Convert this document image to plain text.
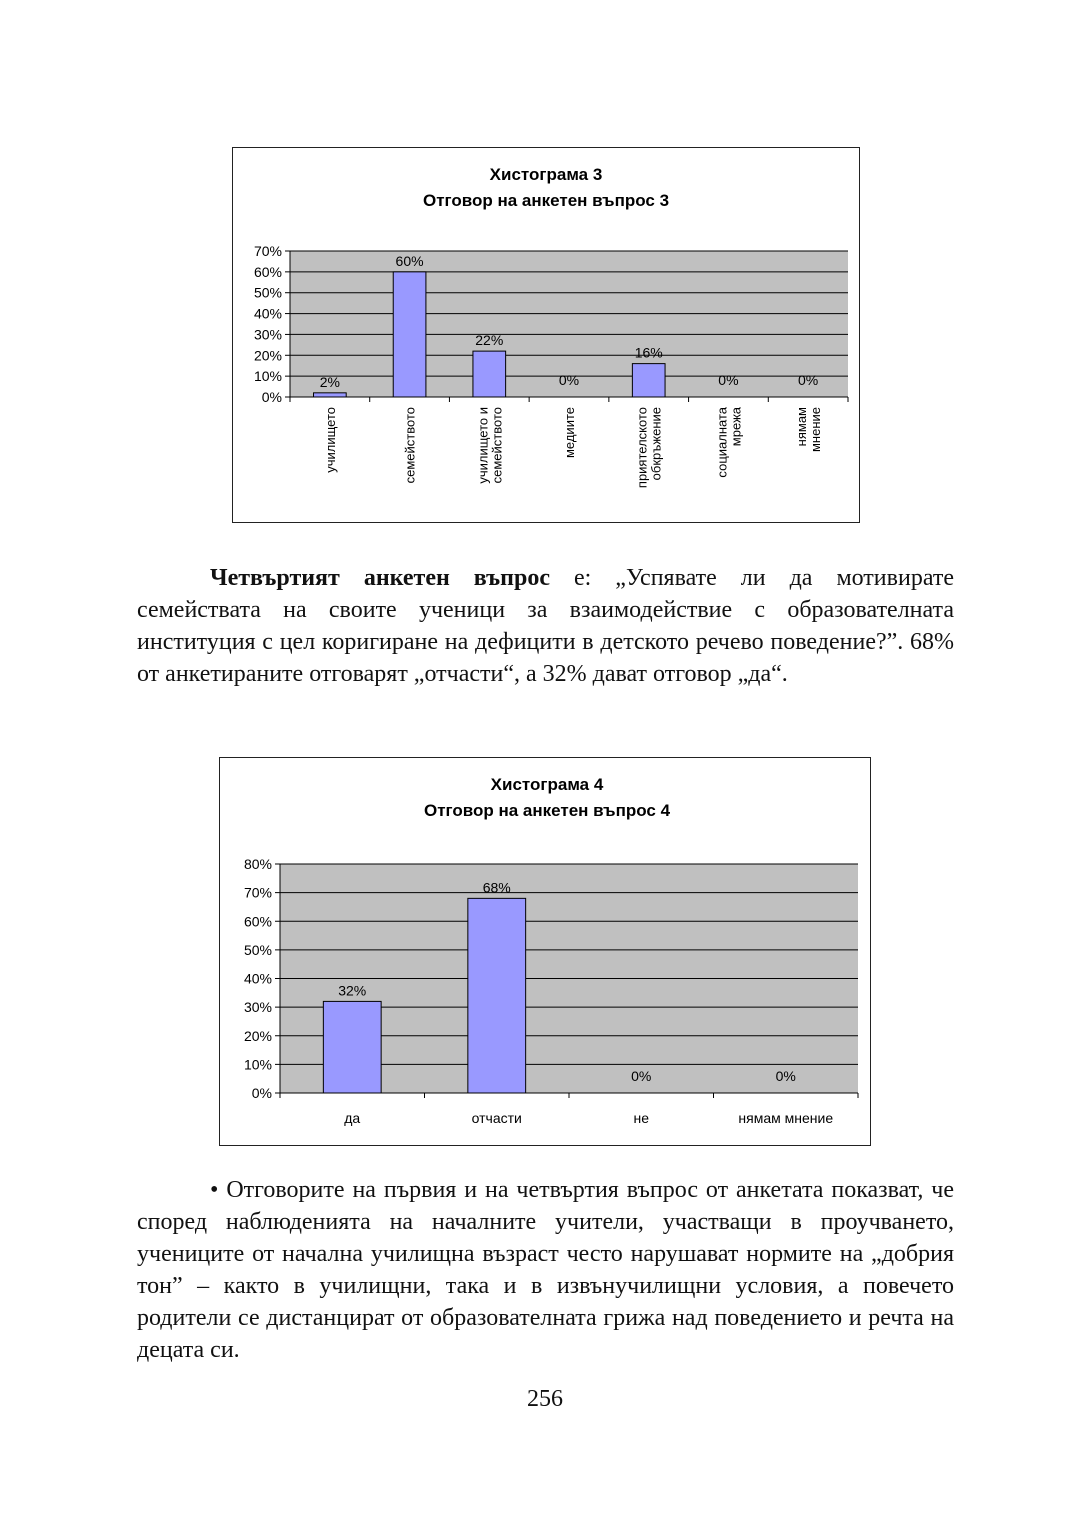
Хистограма 3
Отговор на анкетен въпрос 3
0%
10%
20%
30%
40%
50%
60%
70%
2%
училището
60%
семейството
22%
училището исемейството
0%
медиите
16%
приятелскотообкръжение
0%
социалнатамрежа
0%
нямаммнение

Четвъртият анкетен въпрос е: „Успявате ли да мотивирате семействата на своите ученици за взаимодействие с образователната институция с цел коригиране на дефицити в детското речево поведение?”. 68% от анкетираните отговарят „отчасти“, а 32% дават отговор „да“.

Хистограма 4
Отговор на анкетен въпрос 4
0%
10%
20%
30%
40%
50%
60%
70%
80%
32%
да
68%
отчасти
0%
не
0%
нямам мнение

• Отговорите на първия и на четвъртия въпрос от анкетата показват, че според наблюденията на началните учители, участващи в проучването, учениците от начална училищна възраст често нарушават нормите на „добрия тон” – както в училищни, така и в извънучилищни условия, а повечето родители се дистанцират от образователната грижа над поведението и речта на децата си.

256
